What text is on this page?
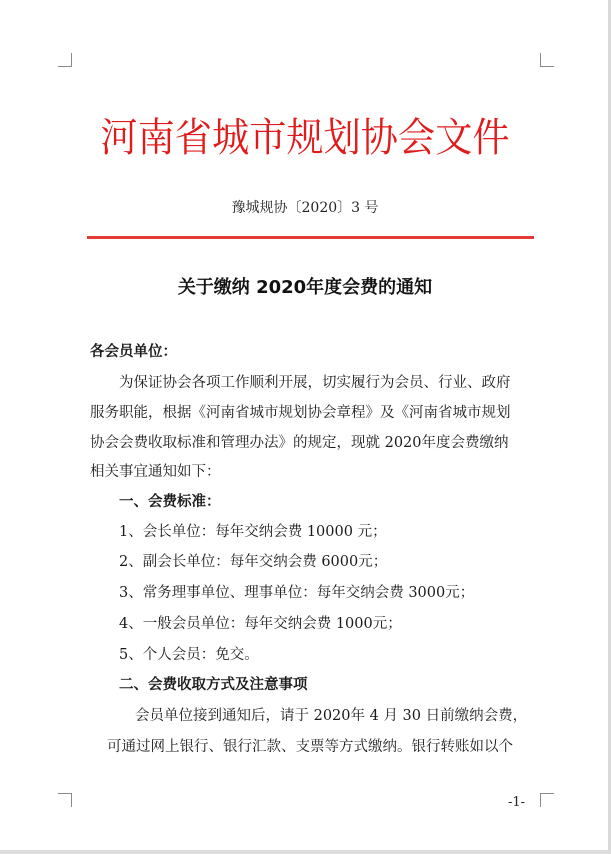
河南省城市规划协会文件
豫城规协〔2020〕3 号
关于缴纳 2020年度会费的通知
各会员单位：
为保证协会各项工作顺利开展，切实履行为会员、行业、政府
服务职能，根据《河南省城市规划协会章程》及《河南省城市规划
协会会费收取标准和管理办法》的规定，现就 2020年度会费缴纳
相关事宜通知如下：
一、会费标准：
1、会长单位：每年交纳会费 10000 元；
2、副会长单位：每年交纳会费 6000元；
3、常务理事单位、理事单位：每年交纳会费 3000元；
4、一般会员单位：每年交纳会费 1000元；
5、个人会员：免交。
二、会费收取方式及注意事项
会员单位接到通知后，请于 2020年 4 月 30 日前缴纳会费，
可通过网上银行、银行汇款、支票等方式缴纳。银行转账如以个
-1-
